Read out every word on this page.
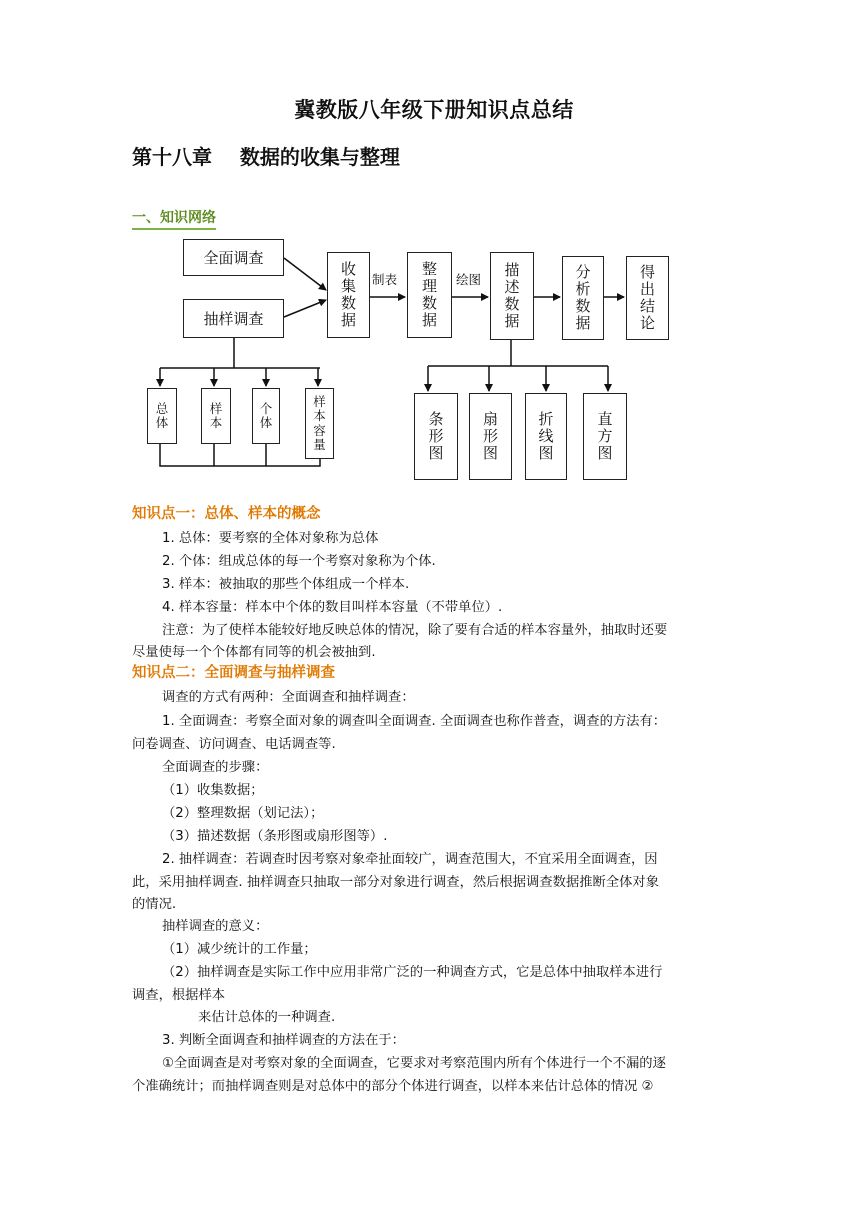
冀教版八年级下册知识点总结
第十八章    数据的收集与整理
一、知识网络
全面调查
抽样调查
收集数据
制表
整理数据
绘图
描述数据
分析数据
得出结论
总体
样本
个体
样本容量
条形图
扇形图
折线图
直方图
知识点一：总体、样本的概念
1. 总体：要考察的全体对象称为总体
2. 个体：组成总体的每一个考察对象称为个体.
3. 样本：被抽取的那些个体组成一个样本.
4. 样本容量：样本中个体的数目叫样本容量（不带单位）.
注意：为了使样本能较好地反映总体的情况，除了要有合适的样本容量外，抽取时还要
尽量使每一个个体都有同等的机会被抽到.
知识点二：全面调查与抽样调查
调查的方式有两种：全面调查和抽样调查：
1. 全面调查：考察全面对象的调查叫全面调查. 全面调查也称作普查，调查的方法有：
问卷调查、访问调查、电话调查等.
全面调查的步骤：
（1）收集数据；
（2）整理数据（划记法）；
（3）描述数据（条形图或扇形图等）.
2. 抽样调查：若调查时因考察对象牵扯面较广，调查范围大，不宜采用全面调查，因
此，采用抽样调查. 抽样调查只抽取一部分对象进行调查，然后根据调查数据推断全体对象
的情况.
抽样调查的意义：
（1）减少统计的工作量；
（2）抽样调查是实际工作中应用非常广泛的一种调查方式，它是总体中抽取样本进行
调查，根据样本
来估计总体的一种调查.
3. 判断全面调查和抽样调查的方法在于：
①全面调查是对考察对象的全面调查，它要求对考察范围内所有个体进行一个不漏的逐
个准确统计；而抽样调查则是对总体中的部分个体进行调查，以样本来估计总体的情况 ②
